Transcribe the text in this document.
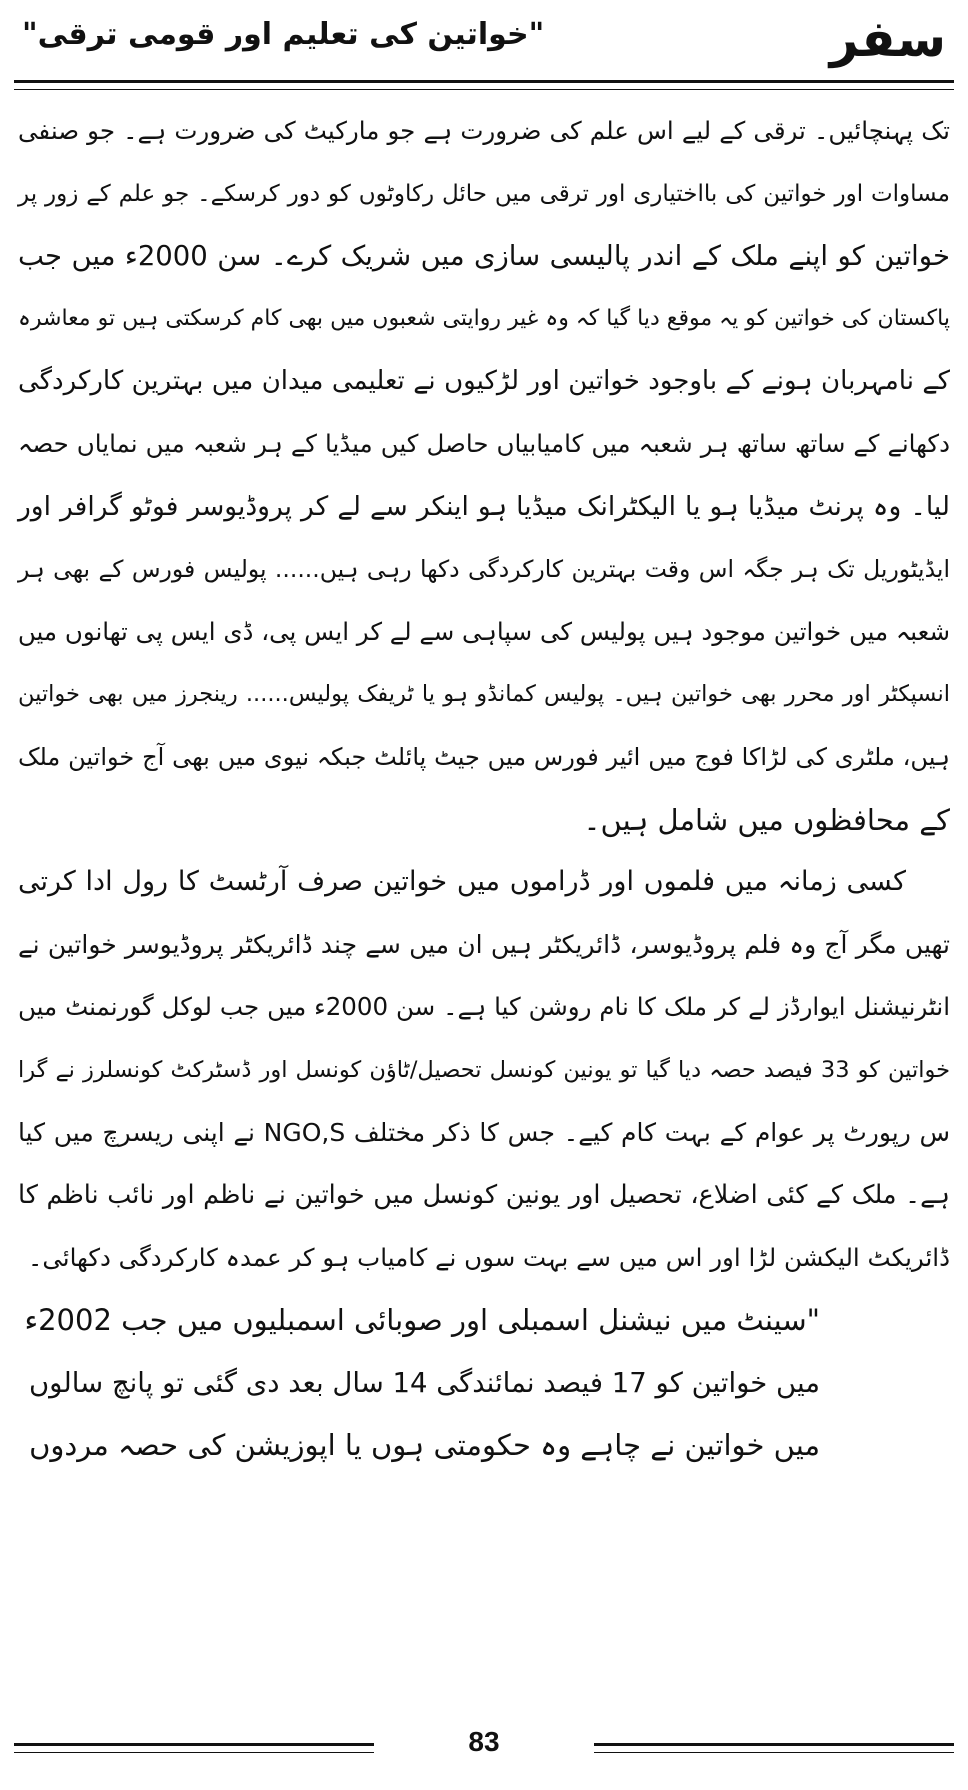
سفر
"خواتین کی تعلیم اور قومی ترقی"
تک پہنچائیں۔ ترقی کے لیے اس علم کی ضرورت ہے جو مارکیٹ کی ضرورت ہے۔ جو صنفی
مساوات اور خواتین کی بااختیاری اور ترقی میں حائل رکاوٹوں کو دور کرسکے۔ جو علم کے زور پر
خواتین کو اپنے ملک کے اندر پالیسی سازی میں شریک کرے۔ سن 2000ء میں جب
پاکستان کی خواتین کو یہ موقع دیا گیا کہ وہ غیر روایتی شعبوں میں بھی کام کرسکتی ہیں تو معاشرہ
کے نامہربان ہونے کے باوجود خواتین اور لڑکیوں نے تعلیمی میدان میں بہترین کارکردگی
دکھانے کے ساتھ ساتھ ہر شعبہ میں کامیابیاں حاصل کیں میڈیا کے ہر شعبہ میں نمایاں حصہ
لیا۔ وہ پرنٹ میڈیا ہو یا الیکٹرانک میڈیا ہو اینکر سے لے کر پروڈیوسر فوٹو گرافر اور
ایڈیٹوریل تک ہر جگہ اس وقت بہترین کارکردگی دکھا رہی ہیں...... پولیس فورس کے بھی ہر
شعبہ میں خواتین موجود ہیں پولیس کی سپاہی سے لے کر ایس پی، ڈی ایس پی تھانوں میں
انسپکٹر اور محرر بھی خواتین ہیں۔ پولیس کمانڈو ہو یا ٹریفک پولیس...... رینجرز میں بھی خواتین
ہیں، ملٹری کی لڑاکا فوج میں ائیر فورس میں جیٹ پائلٹ جبکہ نیوی میں بھی آج خواتین ملک
کے محافظوں میں شامل ہیں۔
کسی زمانہ میں فلموں اور ڈراموں میں خواتین صرف آرٹسٹ کا رول ادا کرتی
تھیں مگر آج وہ فلم پروڈیوسر، ڈائریکٹر ہیں ان میں سے چند ڈائریکٹر پروڈیوسر خواتین نے
انٹرنیشنل ایوارڈز لے کر ملک کا نام روشن کیا ہے۔ سن 2000ء میں جب لوکل گورنمنٹ میں
خواتین کو 33 فیصد حصہ دیا گیا تو یونین کونسل تحصیل/ٹاؤن کونسل اور ڈسٹرکٹ کونسلرز نے گرا
س رپورٹ پر عوام کے بہت کام کیے۔ جس کا ذکر مختلف NGO,S نے اپنی ریسرچ میں کیا
ہے۔ ملک کے کئی اضلاع، تحصیل اور یونین کونسل میں خواتین نے ناظم اور نائب ناظم کا
ڈائریکٹ الیکشن لڑا اور اس میں سے بہت سوں نے کامیاب ہو کر عمدہ کارکردگی دکھائی۔
"سینٹ میں نیشنل اسمبلی اور صوبائی اسمبلیوں میں جب 2002ء
میں خواتین کو 17 فیصد نمائندگی 14 سال بعد دی گئی تو پانچ سالوں
میں خواتین نے چاہے وہ حکومتی ہوں یا اپوزیشن کی حصہ مردوں
83
